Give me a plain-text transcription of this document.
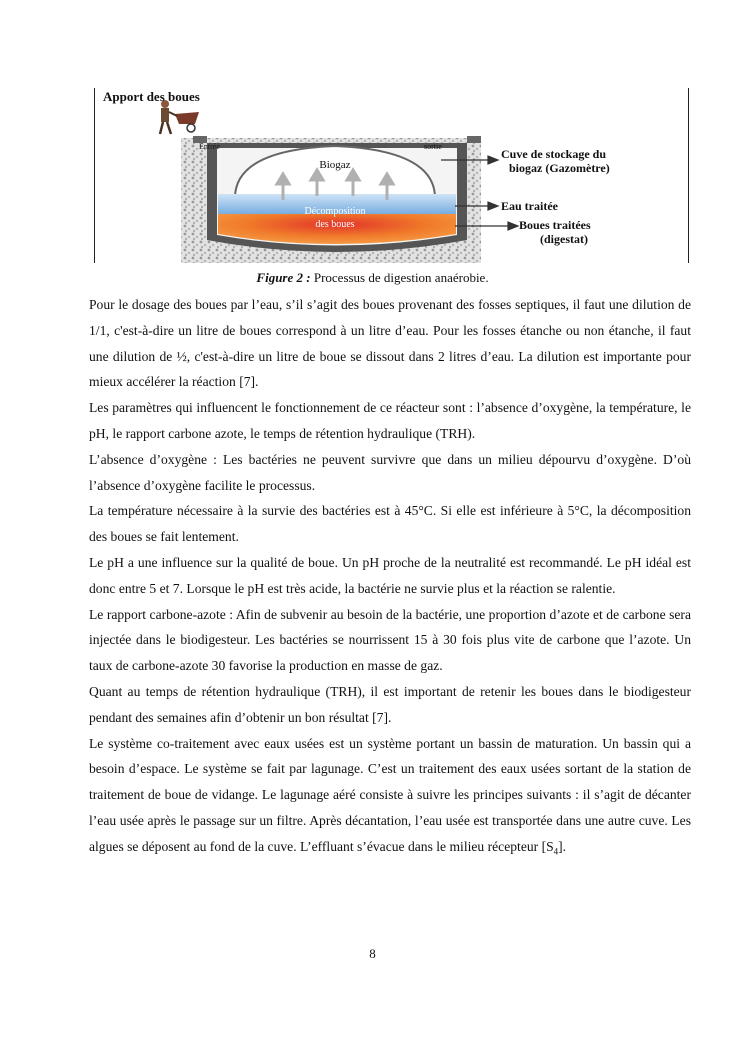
Apport des boues
Entrée	sortie
Biogaz
Décomposition
des boues
Cuve de stockage du
biogaz (Gazomètre)
Eau traitée
Boues traitées
(digestat)
Figure 2 : Processus de digestion anaérobie.

Pour le dosage des boues par l’eau, s’il s’agit des boues provenant des fosses septiques, il faut une dilution de 1/1, c'est-à-dire un litre de boues correspond à un litre d’eau. Pour les fosses étanche ou non étanche, il faut une dilution de ½, c'est-à-dire un litre de boue se dissout dans 2 litres d’eau. La dilution est importante pour mieux accélérer la réaction [7].

Les paramètres qui influencent le fonctionnement de ce réacteur sont : l’absence d’oxygène, la température, le pH, le rapport carbone azote, le temps de rétention hydraulique (TRH).

L’absence d’oxygène : Les bactéries ne peuvent survivre que dans un milieu dépourvu d’oxygène. D’où l’absence d’oxygène facilite le processus.

La température nécessaire à la survie des bactéries est à 45°C. Si elle est inférieure à 5°C, la décomposition des boues se fait lentement.

Le pH a une influence sur la qualité de boue. Un pH proche de la neutralité est recommandé. Le pH idéal est donc entre 5 et 7. Lorsque le pH est très acide, la bactérie ne survie plus et la réaction se ralentie.

Le rapport carbone-azote : Afin de subvenir au besoin de la bactérie, une proportion d’azote et de carbone sera injectée dans le biodigesteur. Les bactéries se nourrissent 15 à 30 fois plus vite de carbone que l’azote. Un taux de carbone-azote 30 favorise la production en masse de gaz.

Quant au temps de rétention hydraulique (TRH), il est important de retenir les boues dans le biodigesteur pendant des semaines afin d’obtenir un bon résultat [7].

Le système co-traitement avec eaux usées est un système portant un bassin de maturation. Un bassin qui a besoin d’espace. Le système se fait par lagunage. C’est un traitement des eaux usées sortant de la station de traitement de boue de vidange. Le lagunage aéré consiste à suivre les principes suivants : il s’agit de décanter l’eau usée après le passage sur un filtre. Après décantation, l’eau usée est transportée dans une autre cuve. Les algues se déposent au fond de la cuve. L’effluant s’évacue dans le milieu récepteur $[S_4]$.

8
